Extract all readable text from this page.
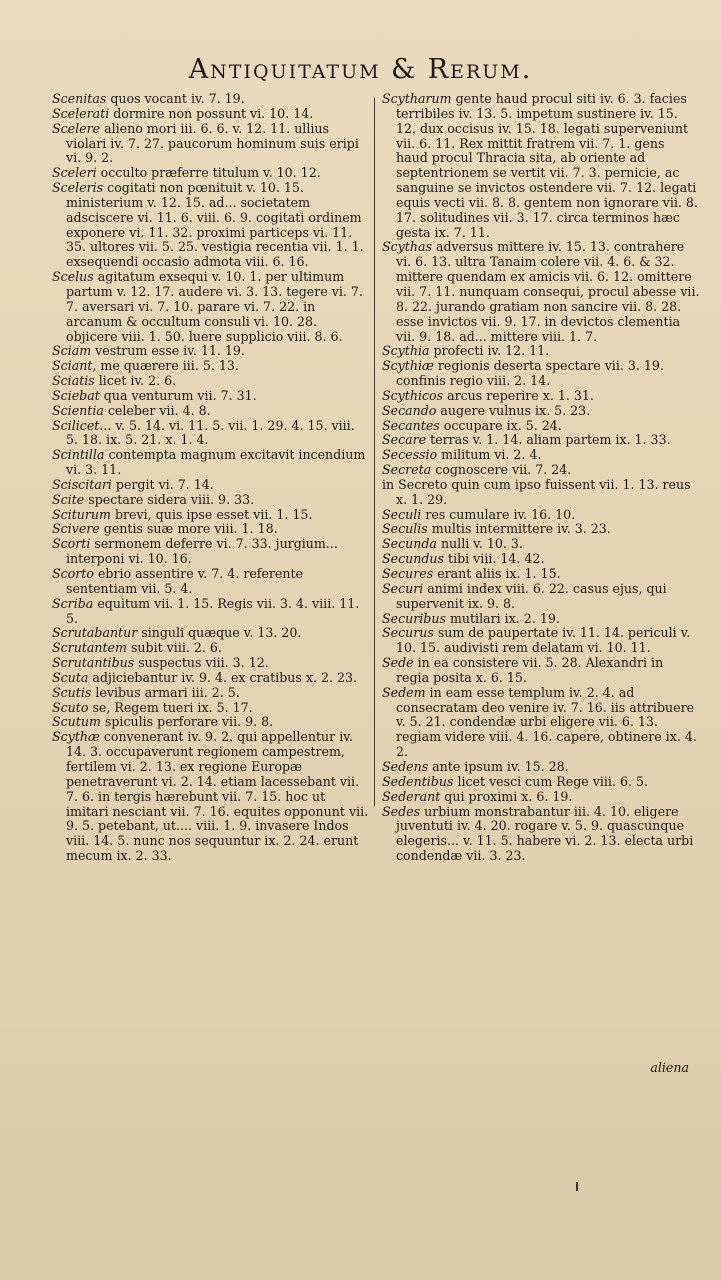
Antiquitatum & Rerum.
Scenitas quos vocant iv. 7. 19.
Scelerati dormire non possunt vi. 10. 14.
Scelere alieno mori iii. 6. 6. v. 12. 11. ullius violari iv. 7. 27. paucorum hominum suis eripi vi. 9. 2.
Sceleri occulto præferre titulum v. 10. 12.
Sceleris cogitati non pœnituit v. 10. 15. ministerium v. 12. 15. ad... societatem adsciscere vi. 11. 6. viii. 6. 9. cogitati ordinem exponere vi. 11. 32. proximi particeps vi. 11. 35. ultores vii. 5. 25. vestigia recentia vii. 1. 1. exsequendi occasio admota viii. 6. 16.
Scelus agitatum exsequi v. 10. 1. per ultimum partum v. 12. 17. audere vi. 3. 13. tegere vi. 7. 7. aversari vi. 7. 10. parare vi. 7. 22. in arcanum & occultum consuli vi. 10. 28. objicere viii. 1. 50. luere supplicio viii. 8. 6.
Sciam vestrum esse iv. 11. 19.
Sciant, me quærere iii. 5. 13.
Sciatis licet iv. 2. 6.
Sciebat qua venturum vii. 7. 31.
Scientia celeber vii. 4. 8.
Scilicet... v. 5. 14. vi. 11. 5. vii. 1. 29. 4. 15. viii. 5. 18. ix. 5. 21. x. 1. 4.
Scintilla contempta magnum excitavit incendium vi. 3. 11.
Sciscitari pergit vi. 7. 14.
Scite spectare sidera viii. 9. 33.
Sciturum brevi, quis ipse esset vii. 1. 15.
Scivere gentis suæ more viii. 1. 18.
Scorti sermonem deferre vi. 7. 33. jurgium... interponi vi. 10. 16.
Scorto ebrio assentire v. 7. 4. referente sententiam vii. 5. 4.
Scriba equitum vii. 1. 15. Regis vii. 3. 4. viii. 11. 5.
Scrutabantur singuli quæque v. 13. 20.
Scrutantem subit viii. 2. 6.
Scrutantibus suspectus viii. 3. 12.
Scuta adjiciebantur iv. 9. 4. ex cratibus x. 2. 23.
Scutis levibus armari iii. 2. 5.
Scuto se, Regem tueri ix. 5. 17.
Scutum spiculis perforare vii. 9. 8.
Scythæ convenerant iv. 9. 2. qui appellentur iv. 14. 3. occupaverunt regionem campestrem, fertilem vi. 2. 13. ex regione Europæ penetraverunt vi. 2. 14. etiam lacessebant vii. 7. 6. in tergis hærebunt vii. 7. 15. hoc ut imitari nesciant vii. 7. 16. equites opponunt vii. 9. 5. petebant, ut.... viii. 1. 9. invasere Indos viii. 14. 5. nunc nos sequuntur ix. 2. 24. erunt mecum ix. 2. 33.
Scytharum gente haud procul siti iv. 6. 3. facies terribiles iv. 13. 5. impetum sustinere iv. 15. 12. dux occisus iv. 15. 18. legati superveniunt vii. 6. 11. Rex mittit fratrem vii. 7. 1. gens haud procul Thracia sita, ab oriente ad septentrionem se vertit vii. 7. 3. pernicie, ac sanguine se invictos ostendere vii. 7. 12. legati equis vecti vii. 8. 8. gentem non ignorare vii. 8. 17. solitudines vii. 3. 17. circa terminos hæc gesta ix. 7. 11.
Scythas adversus mittere iv. 15. 13. contrahere vi. 6. 13. ultra Tanaim colere vii. 4. 6. & 32. mittere quendam ex amicis vii. 6. 12. omittere vii. 7. 11. nunquam consequi, procul abesse vii. 8. 22. jurando gratiam non sancire vii. 8. 28. esse invictos vii. 9. 17. in devictos clementia vii. 9. 18. ad... mittere viii. 1. 7.
Scythia profecti iv. 12. 11.
Scythiæ regionis deserta spectare vii. 3. 19. confinis regio viii. 2. 14.
Scythicos arcus reperire x. 1. 31.
Secando augere vulnus ix. 5. 23.
Secantes occupare ix. 5. 24.
Secare terras v. 1. 14. aliam partem ix. 1. 33.
Secessio militum vi. 2. 4.
Secreta cognoscere vii. 7. 24.
in Secreto quin cum ipso fuissent vii. 1. 13. reus x. 1. 29.
Seculi res cumulare iv. 16. 10.
Seculis multis intermittere iv. 3. 23.
Secunda nulli v. 10. 3.
Secundus tibi viii. 14. 42.
Secures erant aliis ix. 1. 15.
Securi animi index viii. 6. 22. casus ejus, qui supervenit ix. 9. 8.
Securibus mutilari ix. 2. 19.
Securus sum de paupertate iv. 11. 14. periculi v. 10. 15. audivisti rem delatam vi. 10. 11.
Sede in ea consistere vii. 5. 28. Alexandri in regia posita x. 6. 15.
Sedem in eam esse templum iv. 2. 4. ad consecratam deo venire iv. 7. 16. iis attribuere v. 5. 21. condendæ urbi eligere vii. 6. 13. regiam videre viii. 4. 16. capere, obtinere ix. 4. 2.
Sedens ante ipsum iv. 15. 28.
Sedentibus licet vesci cum Rege viii. 6. 5.
Sederant qui proximi x. 6. 19.
Sedes urbium monstrabantur iii. 4. 10. eligere juventuti iv. 4. 20. rogare v. 5. 9. quascunque elegeris... v. 11. 5. habere vi. 2. 13. electa urbi condendæ vii. 3. 23.
aliena
